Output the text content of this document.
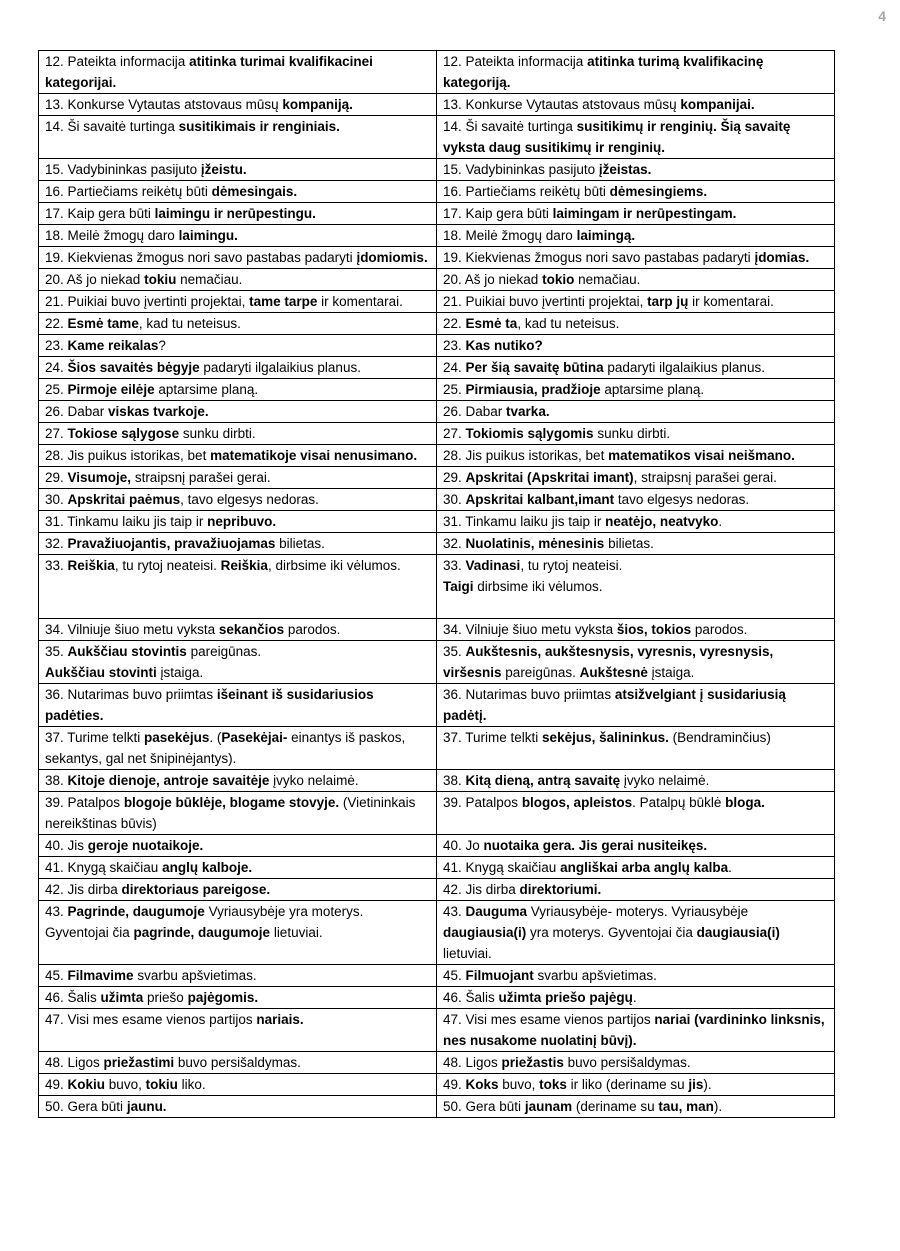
4
12. Pateikta informacija atitinka turimai kvalifikacinei kategorijai.	12. Pateikta informacija atitinka turimą kvalifikacinę kategoriją.
13. Konkurse Vytautas atstovaus mūsų kompaniją.	13. Konkurse Vytautas atstovaus mūsų kompanijai.
14. Ši savaitė turtinga susitikimais ir renginiais.	14. Ši savaitė turtinga susitikimų ir renginių. Šią savaitę vyksta daug susitikimų ir renginių.
15. Vadybininkas pasijuto įžeistu.	15. Vadybininkas pasijuto įžeistas.
16. Partiečiams reikėtų būti dėmesingais.	16. Partiečiams reikėtų būti dėmesingiems.
17. Kaip gera būti laimingu ir nerūpestingu.	17. Kaip gera būti laimingam ir nerūpestingam.
18. Meilė žmogų daro laimingu.	18. Meilė žmogų daro laimingą.
19. Kiekvienas žmogus nori savo pastabas padaryti įdomiomis.	19. Kiekvienas žmogus nori savo pastabas padaryti įdomias.
20. Aš jo niekad tokiu nemačiau.	20. Aš jo niekad tokio nemačiau.
21. Puikiai buvo įvertinti projektai, tame tarpe ir komentarai.	21. Puikiai buvo įvertinti projektai, tarp jų ir komentarai.
22. Esmė tame, kad tu neteisus.	22. Esmė ta, kad tu neteisus.
23. Kame reikalas?	23. Kas nutiko?
24. Šios savaitės bėgyje padaryti ilgalaikius planus.	24. Per šią savaitę būtina padaryti ilgalaikius planus.
25. Pirmoje eilėje aptarsime planą.	25. Pirmiausia, pradžioje aptarsime planą.
26. Dabar viskas tvarkoje.	26. Dabar tvarka.
27. Tokiose sąlygose sunku dirbti.	27. Tokiomis sąlygomis sunku dirbti.
28. Jis puikus istorikas, bet matematikoje visai nenusimano.	28. Jis puikus istorikas, bet matematikos visai neišmano.
29. Visumoje, straipsnį parašei gerai.	29. Apskritai (Apskritai imant), straipsnį parašei gerai.
30. Apskritai paėmus, tavo elgesys nedoras.	30. Apskritai kalbant,imant tavo elgesys nedoras.
31. Tinkamu laiku jis taip ir nepribuvo.	31. Tinkamu laiku jis taip ir neatėjo, neatvyko.
32. Pravažiuojantis, pravažiuojamas bilietas.	32. Nuolatinis, mėnesinis bilietas.
33. Reiškia, tu rytoj neateisi. Reiškia, dirbsime iki vėlumos.	33. Vadinasi, tu rytoj neateisi.
Taigi dirbsime iki vėlumos.
34. Vilniuje šiuo metu vyksta sekančios parodos.	34. Vilniuje šiuo metu vyksta šios, tokios parodos.
35. Aukščiau stovintis pareigūnas.
Aukščiau stovinti įstaiga.	35. Aukštesnis, aukštesnysis, vyresnis, vyresnysis, viršesnis pareigūnas. Aukštesnė įstaiga.
36. Nutarimas buvo priimtas išeinant iš susidariusios padėties.	36. Nutarimas buvo priimtas atsižvelgiant į susidariusią padėtį.
37. Turime telkti pasekėjus. (Pasekėjai- einantys iš paskos, sekantys, gal net šnipinėjantys).	37. Turime telkti sekėjus, šalininkus. (Bendraminčius)
38. Kitoje dienoje, antroje savaitėje įvyko nelaimė.	38. Kitą dieną, antrą savaitę įvyko nelaimė.
39. Patalpos blogoje būklėje, blogame stovyje. (Vietininkais nereikštinas būvis)	39. Patalpos blogos, apleistos. Patalpų būklė bloga.
40. Jis geroje nuotaikoje.	40. Jo nuotaika gera. Jis gerai nusiteikęs.
41. Knygą skaičiau anglų kalboje.	41. Knygą skaičiau angliškai arba anglų kalba.
42. Jis dirba direktoriaus pareigose.	42. Jis dirba direktoriumi.
43. Pagrinde, daugumoje Vyriausybėje yra moterys. Gyventojai čia pagrinde, daugumoje lietuviai.	43. Dauguma Vyriausybėje- moterys. Vyriausybėje daugiausia(i) yra moterys. Gyventojai čia daugiausia(i) lietuviai.
45. Filmavime svarbu apšvietimas.	45. Filmuojant svarbu apšvietimas.
46. Šalis užimta priešo pajėgomis.	46. Šalis užimta priešo pajėgų.
47. Visi mes esame vienos partijos nariais.	47. Visi mes esame vienos partijos nariai (vardininko linksnis, nes nusakome nuolatinį būvį).
48. Ligos priežastimi buvo persišaldymas.	48. Ligos priežastis buvo persišaldymas.
49. Kokiu buvo, tokiu liko.	49. Koks buvo, toks ir liko (deriname su jis).
50. Gera būti jaunu.	50. Gera būti jaunam (deriname su tau, man).
